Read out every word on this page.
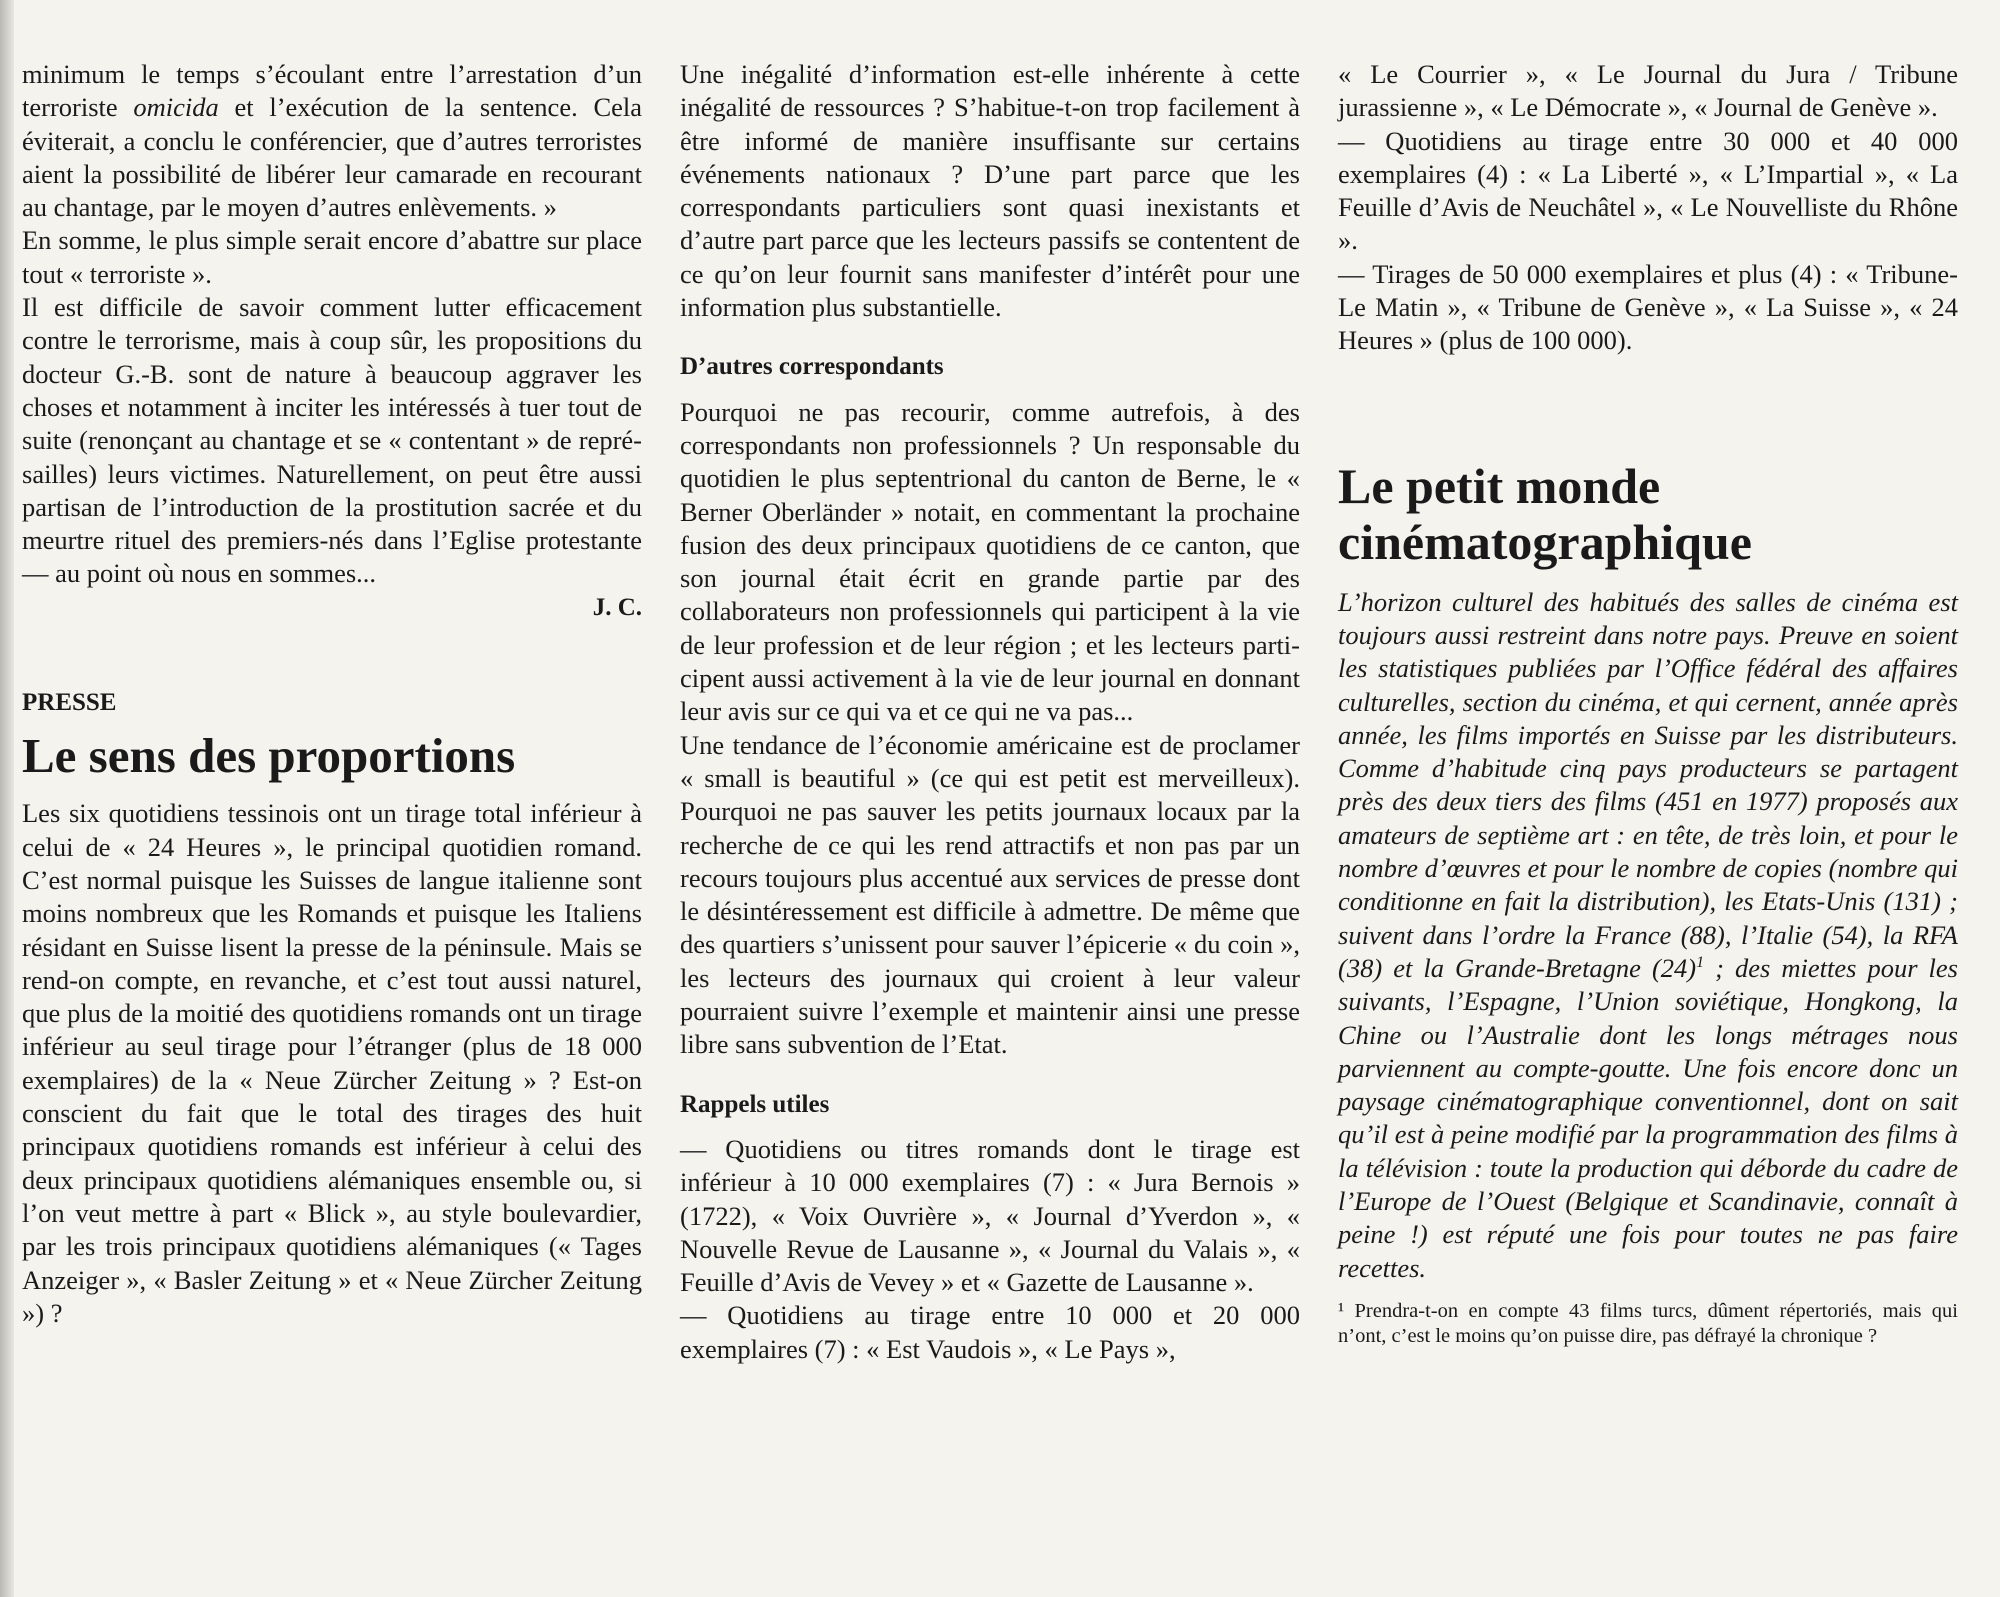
minimum le temps s’écoulant entre l’arrestation d’un terroriste omicida et l’exécution de la sentence. Cela éviterait, a conclu le conférencier, que d’autres terroristes aient la possibilité de libérer leur camarade en recourant au chantage, par le moyen d’autres enlèvements. »

En somme, le plus simple serait encore d’abattre sur place tout « terroriste ».

Il est difficile de savoir comment lutter efficacement contre le terrorisme, mais à coup sûr, les propositions du docteur G.-B. sont de nature à beaucoup aggraver les choses et notamment à inciter les intéressés à tuer tout de suite (renonçant au chantage et se « contentant » de représailles) leurs victimes. Naturellement, on peut être aussi partisan de l’introduction de la prostitution sacrée et du meurtre rituel des premiers-nés dans l’Eglise protestante — au point où nous en sommes...

J. C.

PRESSE

Le sens des proportions

Les six quotidiens tessinois ont un tirage total inférieur à celui de « 24 Heures », le principal quotidien romand. C’est normal puisque les Suisses de langue italienne sont moins nombreux que les Romands et puisque les Italiens résidant en Suisse lisent la presse de la péninsule. Mais se rend-on compte, en revanche, et c’est tout aussi naturel, que plus de la moitié des quotidiens romands ont un tirage inférieur au seul tirage pour l’étranger (plus de 18 000 exemplaires) de la « Neue Zürcher Zeitung » ? Est-on conscient du fait que le total des tirages des huit principaux quotidiens romands est inférieur à celui des deux principaux quotidiens alémaniques ensemble ou, si l’on veut mettre à part « Blick », au style boulevardier, par les trois principaux quotidiens alémaniques (« Tages Anzeiger », « Basler Zeitung » et « Neue Zürcher Zeitung ») ?

Une inégalité d’information est-elle inhérente à cette inégalité de ressources ? S’habitue-t-on trop facilement à être informé de manière insuffisante sur certains événements nationaux ? D’une part parce que les correspondants particuliers sont quasi inexistants et d’autre part parce que les lecteurs passifs se contentent de ce qu’on leur fournit sans manifester d’intérêt pour une information plus substantielle.

D’autres correspondants

Pourquoi ne pas recourir, comme autrefois, à des correspondants non professionnels ? Un responsable du quotidien le plus septentrional du canton de Berne, le « Berner Oberländer » notait, en commentant la prochaine fusion des deux principaux quotidiens de ce canton, que son journal était écrit en grande partie par des collaborateurs non professionnels qui participent à la vie de leur profession et de leur région ; et les lecteurs participent aussi activement à la vie de leur journal en donnant leur avis sur ce qui va et ce qui ne va pas...

Une tendance de l’économie américaine est de proclamer « small is beautiful » (ce qui est petit est merveilleux). Pourquoi ne pas sauver les petits journaux locaux par la recherche de ce qui les rend attractifs et non pas par un recours toujours plus accentué aux services de presse dont le désintéressement est difficile à admettre. De même que des quartiers s’unissent pour sauver l’épicerie « du coin », les lecteurs des journaux qui croient à leur valeur pourraient suivre l’exemple et maintenir ainsi une presse libre sans subvention de l’Etat.

Rappels utiles

— Quotidiens ou titres romands dont le tirage est inférieur à 10 000 exemplaires (7) : « Jura Bernois » (1722), « Voix Ouvrière », « Journal d’Yverdon », « Nouvelle Revue de Lausanne », « Journal du Valais », « Feuille d’Avis de Vevey » et « Gazette de Lausanne ».

— Quotidiens au tirage entre 10 000 et 20 000 exemplaires (7) : « Est Vaudois », « Le Pays »,

« Le Courrier », « Le Journal du Jura / Tribune jurassienne », « Le Démocrate », « Journal de Genève ».

— Quotidiens au tirage entre 30 000 et 40 000 exemplaires (4) : « La Liberté », « L’Impartial », « La Feuille d’Avis de Neuchâtel », « Le Nouvelliste du Rhône ».

— Tirages de 50 000 exemplaires et plus (4) : « Tribune-Le Matin », « Tribune de Genève », « La Suisse », « 24 Heures » (plus de 100 000).

Le petit monde cinématographique

L’horizon culturel des habitués des salles de cinéma est toujours aussi restreint dans notre pays. Preuve en soient les statistiques publiées par l’Office fédéral des affaires culturelles, section du cinéma, et qui cernent, année après année, les films importés en Suisse par les distributeurs. Comme d’habitude cinq pays producteurs se partagent près des deux tiers des films (451 en 1977) proposés aux amateurs de septième art : en tête, de très loin, et pour le nombre d’œuvres et pour le nombre de copies (nombre qui conditionne en fait la distribution), les Etats-Unis (131) ; suivent dans l’ordre la France (88), l’Italie (54), la RFA (38) et la Grande-Bretagne $(24)^1$ ; des miettes pour les suivants, l’Espagne, l’Union soviétique, Hongkong, la Chine ou l’Australie dont les longs métrages nous parviennent au compte-goutte. Une fois encore donc un paysage cinématographique conventionnel, dont on sait qu’il est à peine modifié par la programmation des films à la télévision : toute la production qui déborde du cadre de l’Europe de l’Ouest (Belgique et Scandinavie, connaît à peine !) est réputé une fois pour toutes ne pas faire recettes.

¹ Prendra-t-on en compte 43 films turcs, dûment répertoriés, mais qui n’ont, c’est le moins qu’on puisse dire, pas défrayé la chronique ?
